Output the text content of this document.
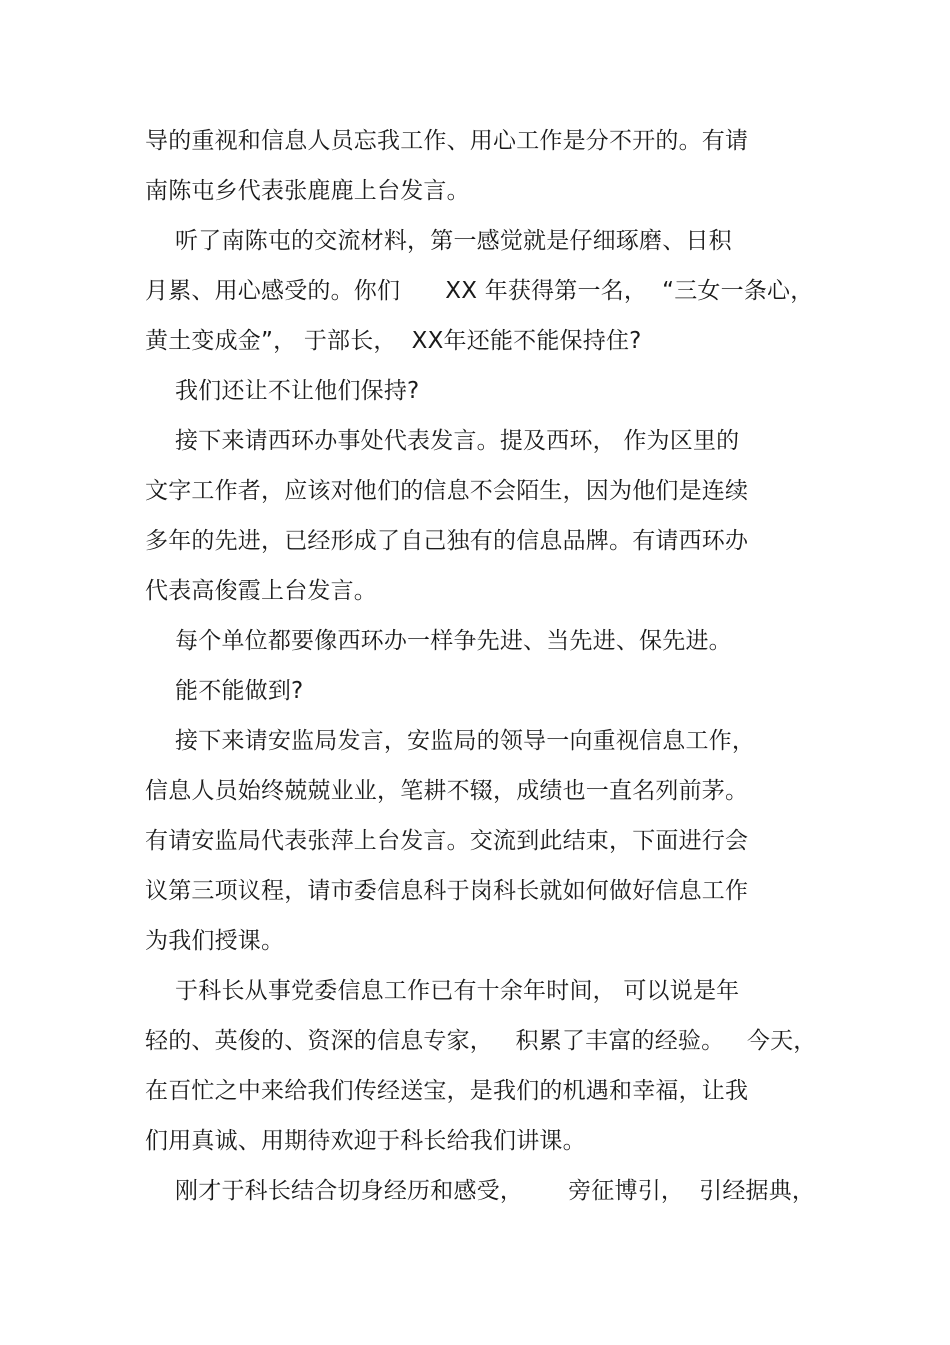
导的重视和信息人员忘我工作、用心工作是分不开的。有请
南陈屯乡代表张鹿鹿上台发言。
听了南陈屯的交流材料，第一感觉就是仔细琢磨、日积
月累、用心感受的。你们      XX 年获得第一名，  “三女一条心，
黄土变成金”， 于部长，  XX年还能不能保持住?
我们还让不让他们保持?
接下来请西环办事处代表发言。提及西环， 作为区里的
文字工作者，应该对他们的信息不会陌生，因为他们是连续
多年的先进，已经形成了自己独有的信息品牌。有请西环办
代表高俊霞上台发言。
每个单位都要像西环办一样争先进、当先进、保先进。
能不能做到?
接下来请安监局发言，安监局的领导一向重视信息工作，
信息人员始终兢兢业业，笔耕不辍，成绩也一直名列前茅。
有请安监局代表张萍上台发言。交流到此结束，下面进行会
议第三项议程，请市委信息科于岗科长就如何做好信息工作
为我们授课。
于科长从事党委信息工作已有十余年时间， 可以说是年
轻的、英俊的、资深的信息专家，   积累了丰富的经验。   今天，
在百忙之中来给我们传经送宝，是我们的机遇和幸福，让我
们用真诚、用期待欢迎于科长给我们讲课。
刚才于科长结合切身经历和感受，      旁征博引，  引经据典，
